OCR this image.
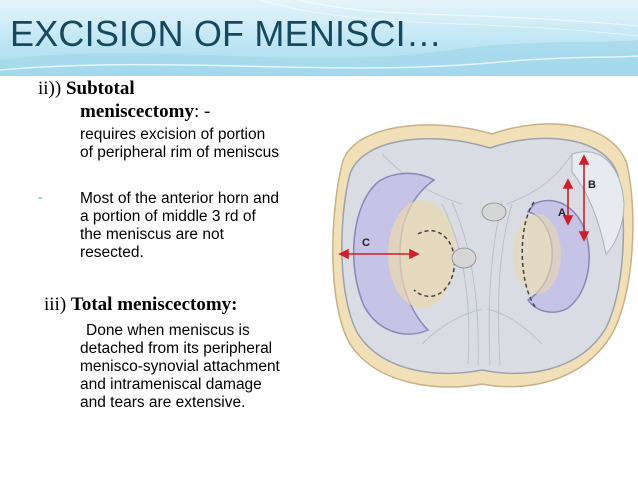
EXCISION OF MENISCI…
ii)) Subtotal
meniscectomy: -
requires excision of portion
of peripheral rim of meniscus
- Most of the anterior horn and
a portion of middle 3 rd of
the meniscus are not
resected.
iii) Total meniscectomy:
Done when meniscus is
detached from its peripheral
menisco-synovial attachment
and intrameniscal damage
and tears are extensive.
C
A
B
